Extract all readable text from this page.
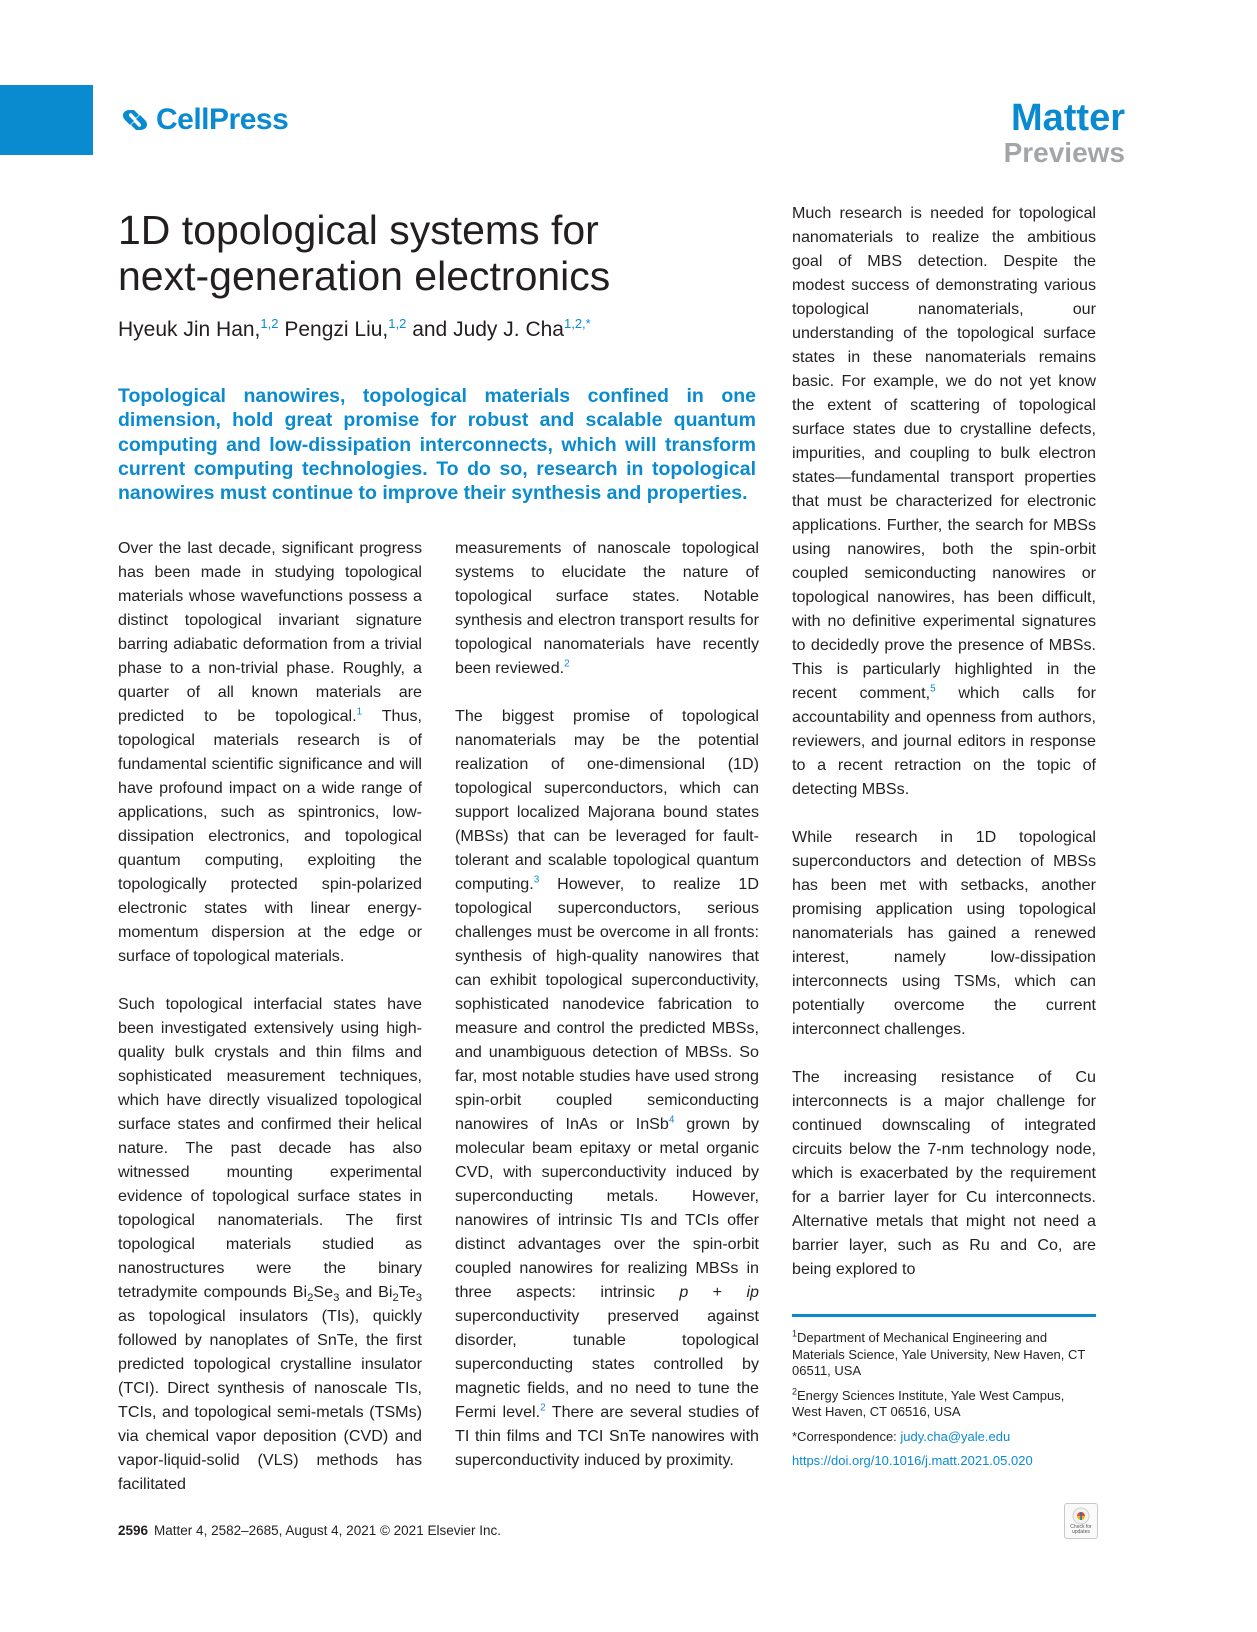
CellPress	Matter
Previews
1D topological systems for
next-generation electronics
Hyeuk Jin Han,$^{1,2}$ Pengzi Liu,$^{1,2}$ and Judy J. Cha$^{1,2,*}$

Topological nanowires, topological materials confined in one dimension, hold great promise for robust and scalable quantum computing and low-dissipation interconnects, which will transform current computing technologies. To do so, research in topological nanowires must continue to improve their synthesis and properties.

Over the last decade, significant progress has been made in studying topological materials whose wavefunctions possess a distinct topological invariant signature barring adiabatic deformation from a trivial phase to a non-trivial phase. Roughly, a quarter of all known materials are predicted to be topological.$^1$ Thus, topological materials research is of fundamental scientific significance and will have profound impact on a wide range of applications, such as spintronics, low-dissipation electronics, and topological quantum computing, exploiting the topologically protected spin-polarized electronic states with linear energy-momentum dispersion at the edge or surface of topological materials.

Such topological interfacial states have been investigated extensively using high-quality bulk crystals and thin films and sophisticated measurement techniques, which have directly visualized topological surface states and confirmed their helical nature. The past decade has also witnessed mounting experimental evidence of topological surface states in topological nanomaterials. The first topological materials studied as nanostructures were the binary tetradymite compounds $Bi_2Se_3$ and $Bi_2Te_3$ as topological insulators (TIs), quickly followed by nanoplates of SnTe, the first predicted topological crystalline insulator (TCI). Direct synthesis of nanoscale TIs, TCIs, and topological semi-metals (TSMs) via chemical vapor deposition (CVD) and vapor-liquid-solid (VLS) methods has facilitated

measurements of nanoscale topological systems to elucidate the nature of topological surface states. Notable synthesis and electron transport results for topological nanomaterials have recently been reviewed.$^2$

The biggest promise of topological nanomaterials may be the potential realization of one-dimensional (1D) topological superconductors, which can support localized Majorana bound states (MBSs) that can be leveraged for fault-tolerant and scalable topological quantum computing.$^3$ However, to realize 1D topological superconductors, serious challenges must be overcome in all fronts: synthesis of high-quality nanowires that can exhibit topological superconductivity, sophisticated nanodevice fabrication to measure and control the predicted MBSs, and unambiguous detection of MBSs. So far, most notable studies have used strong spin-orbit coupled semiconducting nanowires of InAs or InSb$^4$ grown by molecular beam epitaxy or metal organic CVD, with superconductivity induced by superconducting metals. However, nanowires of intrinsic TIs and TCIs offer distinct advantages over the spin-orbit coupled nanowires for realizing MBSs in three aspects: intrinsic p + ip superconductivity preserved against disorder, tunable topological superconducting states controlled by magnetic fields, and no need to tune the Fermi level.$^2$ There are several studies of TI thin films and TCI SnTe nanowires with superconductivity induced by proximity.

Much research is needed for topological nanomaterials to realize the ambitious goal of MBS detection. Despite the modest success of demonstrating various topological nanomaterials, our understanding of the topological surface states in these nanomaterials remains basic. For example, we do not yet know the extent of scattering of topological surface states due to crystalline defects, impurities, and coupling to bulk electron states—fundamental transport properties that must be characterized for electronic applications. Further, the search for MBSs using nanowires, both the spin-orbit coupled semiconducting nanowires or topological nanowires, has been difficult, with no definitive experimental signatures to decidedly prove the presence of MBSs. This is particularly highlighted in the recent comment,$^5$ which calls for accountability and openness from authors, reviewers, and journal editors in response to a recent retraction on the topic of detecting MBSs.

While research in 1D topological superconductors and detection of MBSs has been met with setbacks, another promising application using topological nanomaterials has gained a renewed interest, namely low-dissipation interconnects using TSMs, which can potentially overcome the current interconnect challenges.

The increasing resistance of Cu interconnects is a major challenge for continued downscaling of integrated circuits below the 7-nm technology node, which is exacerbated by the requirement for a barrier layer for Cu interconnects. Alternative metals that might not need a barrier layer, such as Ru and Co, are being explored to

$^1$Department of Mechanical Engineering and Materials Science, Yale University, New Haven, CT 06511, USA

$^2$Energy Sciences Institute, Yale West Campus, West Haven, CT 06516, USA

*Correspondence: judy.cha@yale.edu

https://doi.org/10.1016/j.matt.2021.05.020

2596 Matter 4, 2582–2685, August 4, 2021 © 2021 Elsevier Inc.	Check for
updates
